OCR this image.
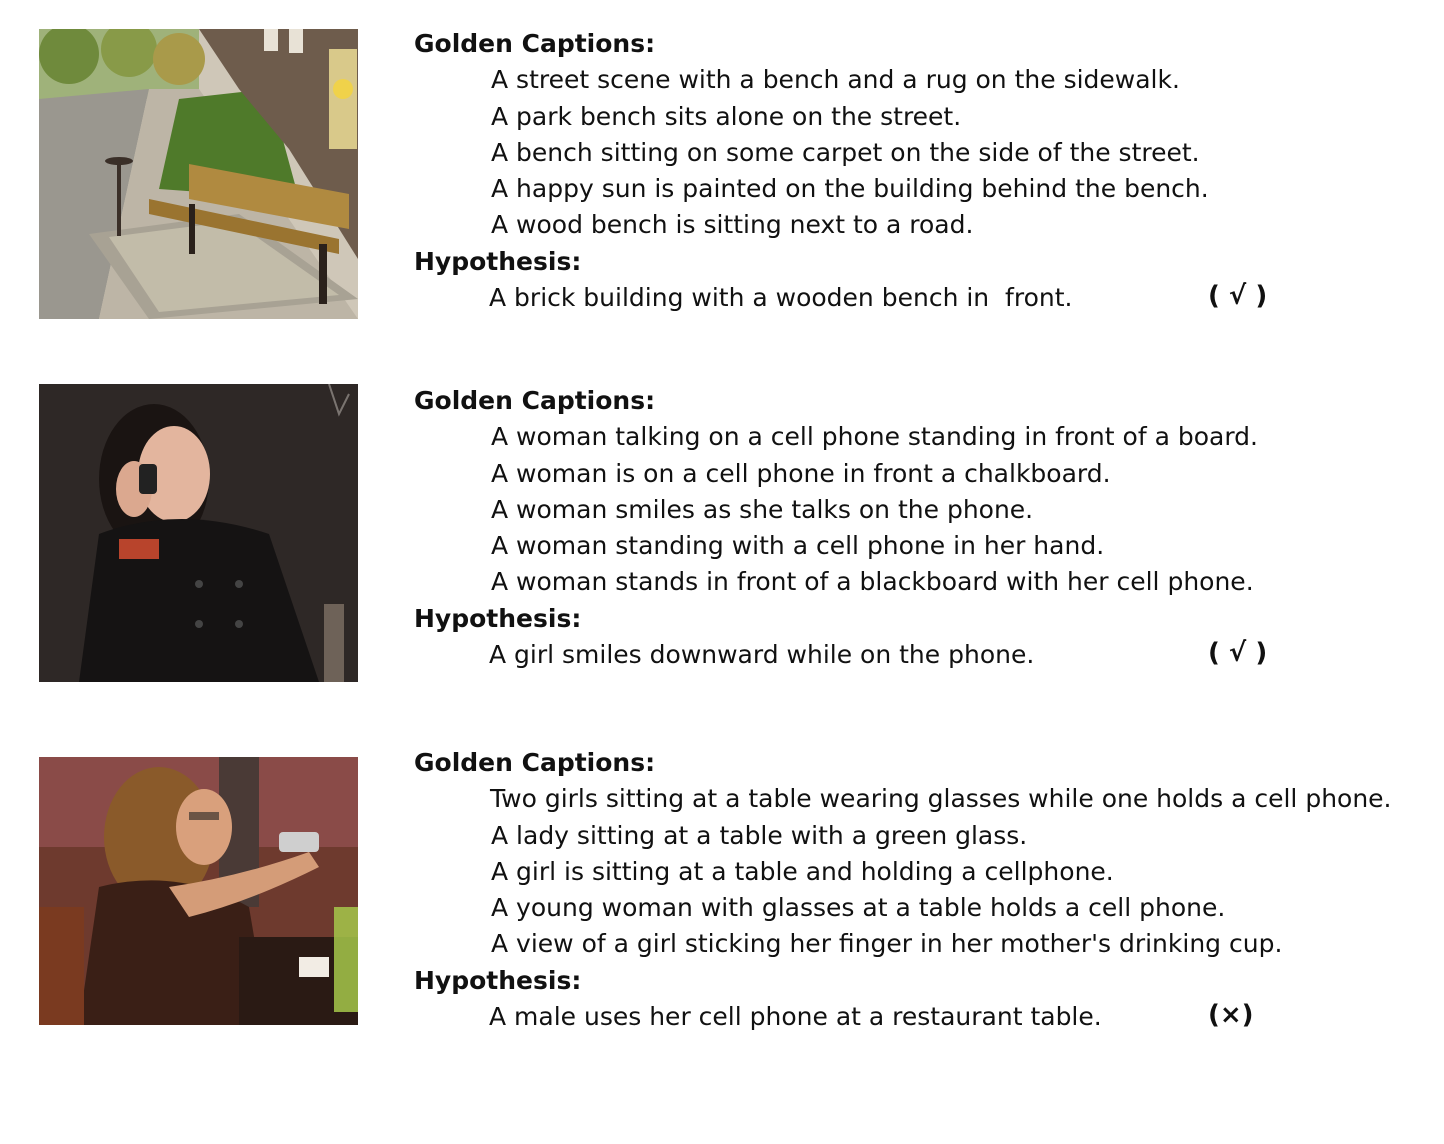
Golden Captions:
A street scene with a bench and a rug on the sidewalk.
A park bench sits alone on the street.
A bench sitting on some carpet on the side of the street.
A happy sun is painted on the building behind the bench.
A wood bench is sitting next to a road.
Hypothesis:

A brick building with a wooden bench in  front.

	( √ )

Golden Captions:
A woman talking on a cell phone standing in front of a board.
A woman is on a cell phone in front a chalkboard.
A woman smiles as she talks on the phone.
A woman standing with a cell phone in her hand.
A woman stands in front of a blackboard with her cell phone.
Hypothesis:

A girl smiles downward while on the phone.

	( √ )

Golden Captions:
Two girls sitting at a table wearing glasses while one holds a cell phone.
A lady sitting at a table with a green glass.
A girl is sitting at a table and holding a cellphone.
A young woman with glasses at a table holds a cell phone.
A view of a girl sticking her finger in her mother's drinking cup.
Hypothesis:

A male uses her cell phone at a restaurant table.

	(×)
